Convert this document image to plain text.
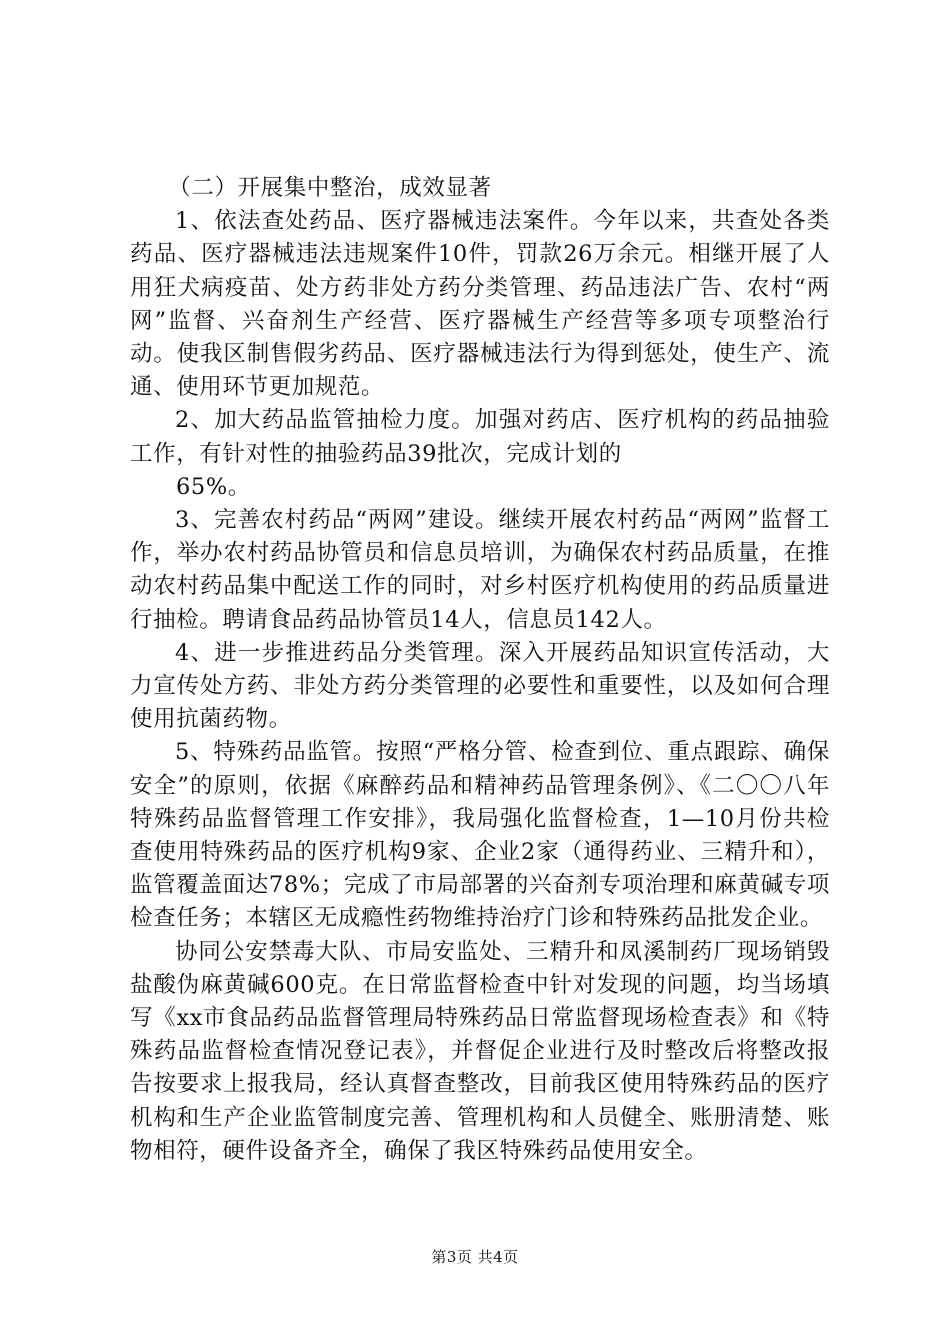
（二）开展集中整治，成效显著

1、依法查处药品、医疗器械违法案件。今年以来，共查处各类药品、医疗器械违法违规案件10件，罚款26万余元。相继开展了人用狂犬病疫苗、处方药非处方药分类管理、药品违法广告、农村“两网”监督、兴奋剂生产经营、医疗器械生产经营等多项专项整治行动。使我区制售假劣药品、医疗器械违法行为得到惩处，使生产、流通、使用环节更加规范。

2、加大药品监管抽检力度。加强对药店、医疗机构的药品抽验工作，有针对性的抽验药品39批次，完成计划的

65%。

3、完善农村药品“两网”建设。继续开展农村药品“两网”监督工作，举办农村药品协管员和信息员培训，为确保农村药品质量，在推动农村药品集中配送工作的同时，对乡村医疗机构使用的药品质量进行抽检。聘请食品药品协管员14人，信息员142人。

4、进一步推进药品分类管理。深入开展药品知识宣传活动，大力宣传处方药、非处方药分类管理的必要性和重要性，以及如何合理使用抗菌药物。

5、特殊药品监管。按照“严格分管、检查到位、重点跟踪、确保安全”的原则，依据《麻醉药品和精神药品管理条例》、《二〇〇八年特殊药品监督管理工作安排》，我局强化监督检查，1—10月份共检查使用特殊药品的医疗机构9家、企业2家（通得药业、三精升和），监管覆盖面达78%；完成了市局部署的兴奋剂专项治理和麻黄碱专项检查任务；本辖区无成瘾性药物维持治疗门诊和特殊药品批发企业。

协同公安禁毒大队、市局安监处、三精升和凤溪制药厂现场销毁盐酸伪麻黄碱600克。在日常监督检查中针对发现的问题，均当场填写《xx市食品药品监督管理局特殊药品日常监督现场检查表》和《特殊药品监督检查情况登记表》，并督促企业进行及时整改后将整改报告按要求上报我局，经认真督查整改，目前我区使用特殊药品的医疗机构和生产企业监管制度完善、管理机构和人员健全、账册清楚、账物相符，硬件设备齐全，确保了我区特殊药品使用安全。

第3页 共4页
